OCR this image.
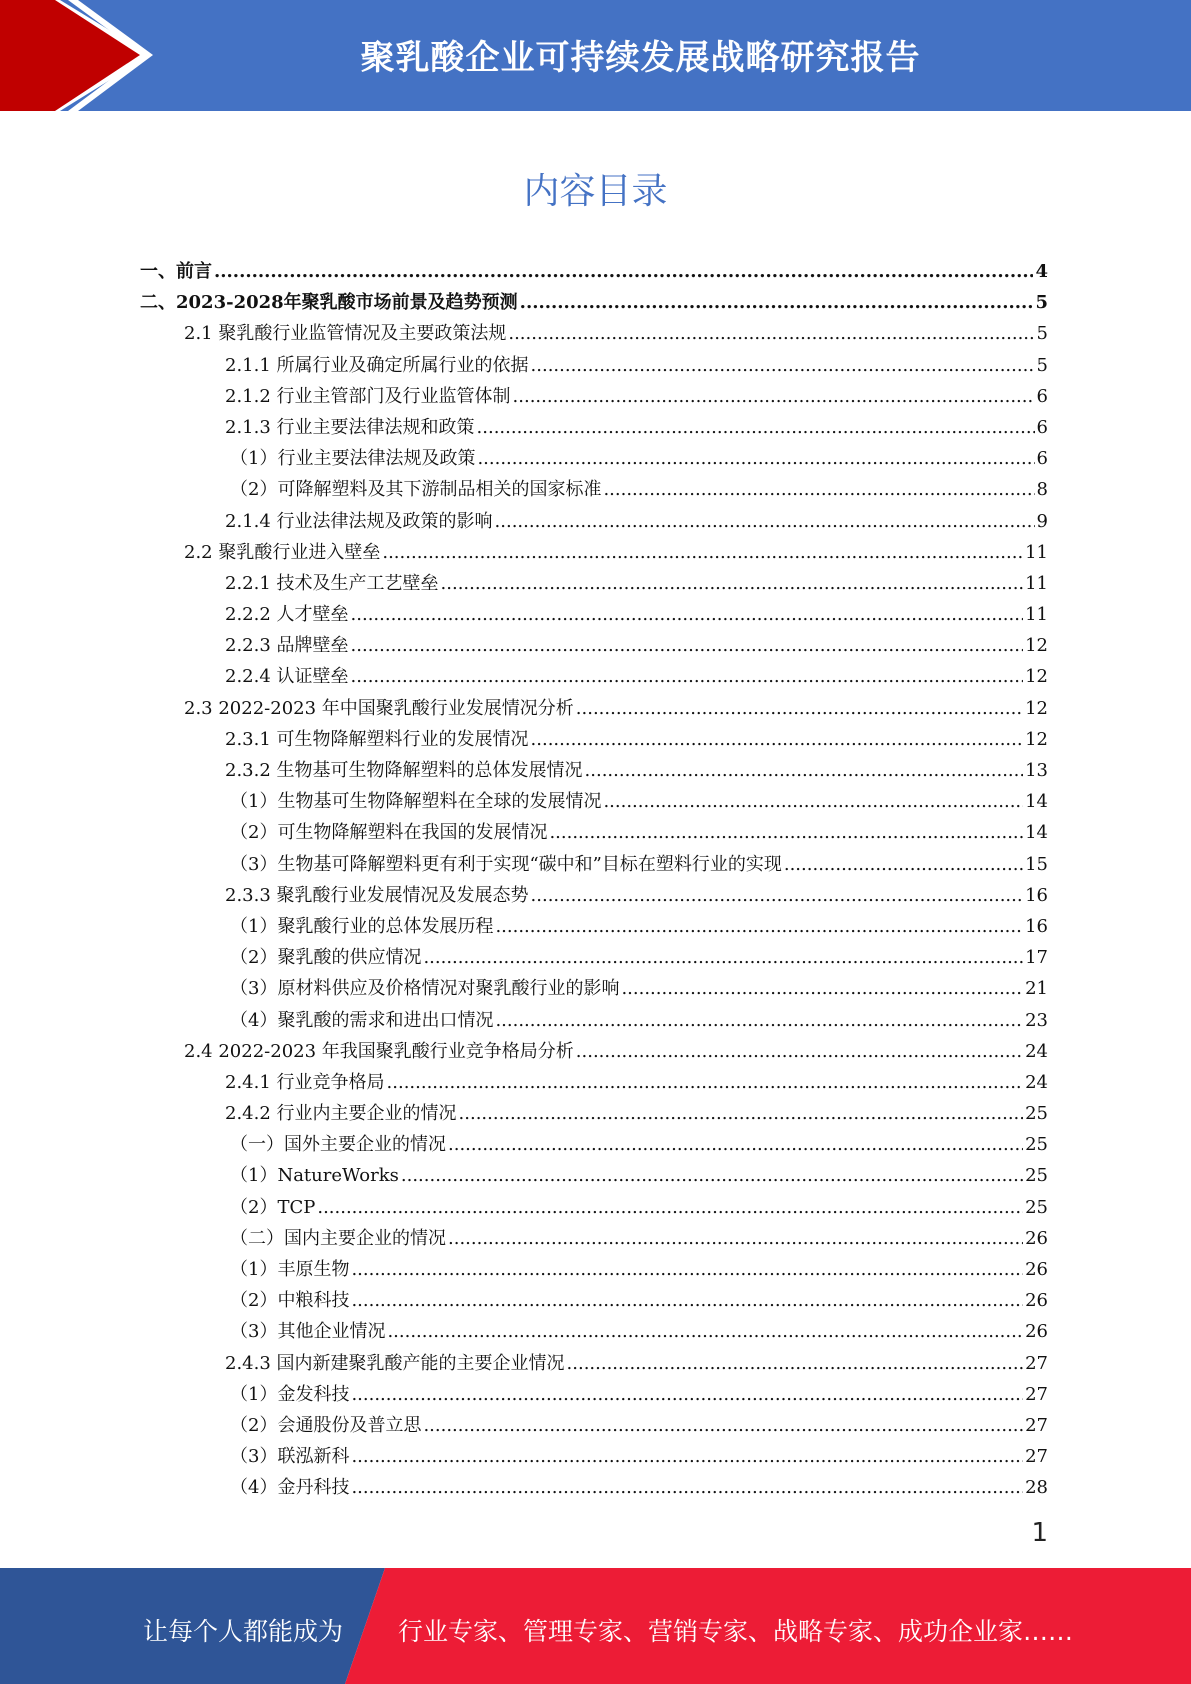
聚乳酸企业可持续发展战略研究报告
内容目录
一、前言 .....	4
二、2023-2028年聚乳酸市场前景及趋势预测 .....	5
2.1 聚乳酸行业监管情况及主要政策法规 .....	5
2.1.1 所属行业及确定所属行业的依据 .....	5
2.1.2 行业主管部门及行业监管体制 .....	6
2.1.3 行业主要法律法规和政策 .....	6
（1）行业主要法律法规及政策 .....	6
（2）可降解塑料及其下游制品相关的国家标准 .....	8
2.1.4 行业法律法规及政策的影响 .....	9
2.2 聚乳酸行业进入壁垒 .....	11
2.2.1 技术及生产工艺壁垒 .....	11
2.2.2 人才壁垒 .....	11
2.2.3 品牌壁垒 .....	12
2.2.4 认证壁垒 .....	12
2.3 2022-2023 年中国聚乳酸行业发展情况分析 .....	12
2.3.1 可生物降解塑料行业的发展情况 .....	12
2.3.2 生物基可生物降解塑料的总体发展情况 .....	13
（1）生物基可生物降解塑料在全球的发展情况 .....	14
（2）可生物降解塑料在我国的发展情况 .....	14
（3）生物基可降解塑料更有利于实现“碳中和”目标在塑料行业的实现 .....	15
2.3.3 聚乳酸行业发展情况及发展态势 .....	16
（1）聚乳酸行业的总体发展历程 .....	16
（2）聚乳酸的供应情况 .....	17
（3）原材料供应及价格情况对聚乳酸行业的影响 .....	21
（4）聚乳酸的需求和进出口情况 .....	23
2.4 2022-2023 年我国聚乳酸行业竞争格局分析 .....	24
2.4.1 行业竞争格局 .....	24
2.4.2 行业内主要企业的情况 .....	25
（一）国外主要企业的情况 .....	25
（1）NatureWorks .....	25
（2）TCP .....	25
（二）国内主要企业的情况 .....	26
（1）丰原生物 .....	26
（2）中粮科技 .....	26
（3）其他企业情况 .....	26
2.4.3 国内新建聚乳酸产能的主要企业情况 .....	27
（1）金发科技 .....	27
（2）会通股份及普立思 .....	27
（3）联泓新科 .....	27
（4）金丹科技 .....	28
1
让每个人都能成为 行业专家、管理专家、营销专家、战略专家、成功企业家……
